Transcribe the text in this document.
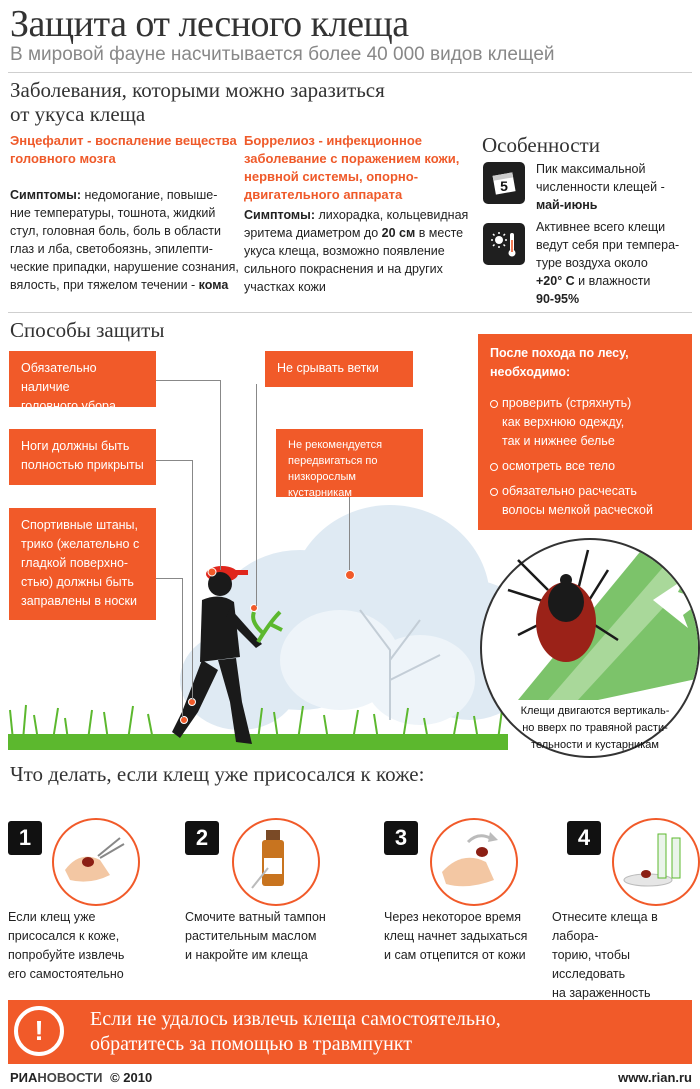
Защита от лесного клеща
В мировой фауне насчитывается более 40 000 видов клещей
Заболевания, которыми можно заразиться
от укуса клеща
Энцефалит - воспаление вещества
головного мозга
Симптомы: недомогание, повыше-
ние температуры, тошнота, жидкий
стул, головная боль, боль в области
глаз и лба, светобоязнь, эпилепти-
ческие припадки, нарушение сознания,
вялость, при тяжелом течении - кома
Боррелиоз - инфекционное
заболевание с поражением кожи,
нервной системы, опорно-
двигательного аппарата
Симптомы: лихорадка, кольцевидная
эритема диаметром до 20 см в месте
укуса клеща, возможно появление
сильного покраснения и на других
участках кожи
Особенности
5
Пик максимальной
численности клещей -
май-июнь
Активнее всего клещи
ведут себя при темпера-
туре воздуха около
+20° С и влажности
90-95%
Способы защиты
Обязательно наличие
головного убора
Ноги должны быть
полностью прикрыты
Спортивные штаны,
трико (желательно с
гладкой поверхно-
стью) должны быть
заправлены в носки
Не срывать ветки
Не рекомендуется
передвигаться по
низкорослым кустарникам
После похода по лесу,
необходимо:
проверить (стряхнуть)
как верхнюю одежду,
так и нижнее белье
осмотреть все тело
обязательно расчесать
волосы мелкой расческой
Клещи двигаются вертикаль-
но вверх по травяной расти-
тельности и кустарникам
Что делать, если клещ уже присосался к коже:
1
Если клещ уже
присосался к коже,
попробуйте извлечь
его самостоятельно
2
Смочите ватный тампон
растительным маслом
и накройте им клеща
3
Через некоторое время
клещ начнет задыхаться
и сам отцепится от кожи
4
Отнесите клеща в лабора-
торию, чтобы исследовать
на зараженность
!	Если не удалось извлечь клеща самостоятельно,
обратитесь за помощью в травмпункт
РИАНОВОСТИ © 2010	www.rian.ru
